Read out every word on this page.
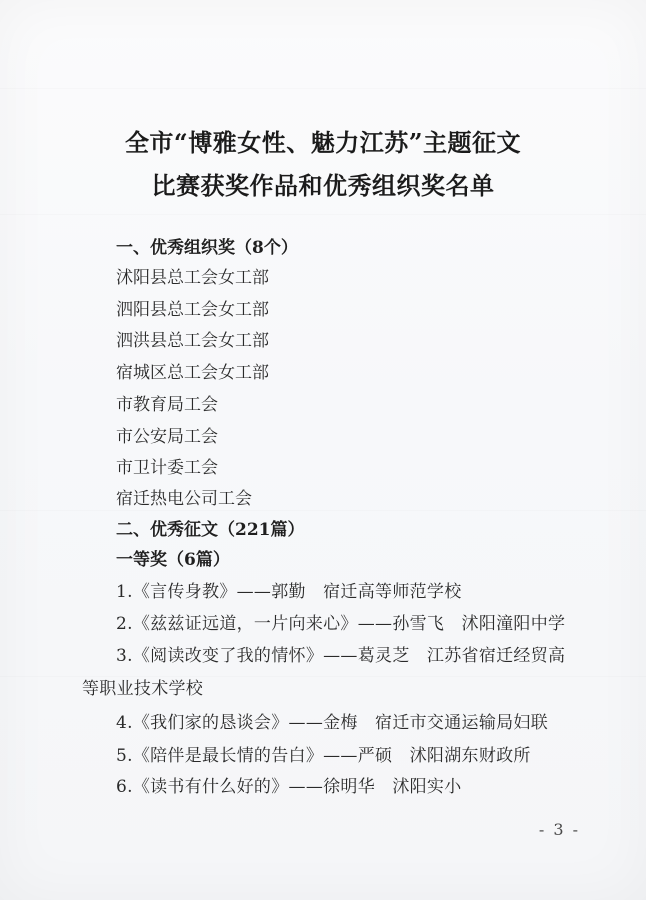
全市“博雅女性、魅力江苏”主题征文
比赛获奖作品和优秀组织奖名单
一、优秀组织奖（8个）
沭阳县总工会女工部
泗阳县总工会女工部
泗洪县总工会女工部
宿城区总工会女工部
市教育局工会
市公安局工会
市卫计委工会
宿迁热电公司工会
二、优秀征文（221篇）
一等奖（6篇）
1.《言传身教》——郭勤　宿迁高等师范学校
2.《兹兹证远道，一片向来心》——孙雪飞　沭阳潼阳中学
3.《阅读改变了我的情怀》——葛灵芝　江苏省宿迁经贸高
等职业技术学校
4.《我们家的恳谈会》——金梅　宿迁市交通运输局妇联
5.《陪伴是最长情的告白》——严硕　沭阳湖东财政所
6.《读书有什么好的》——徐明华　沭阳实小
- 3 -
